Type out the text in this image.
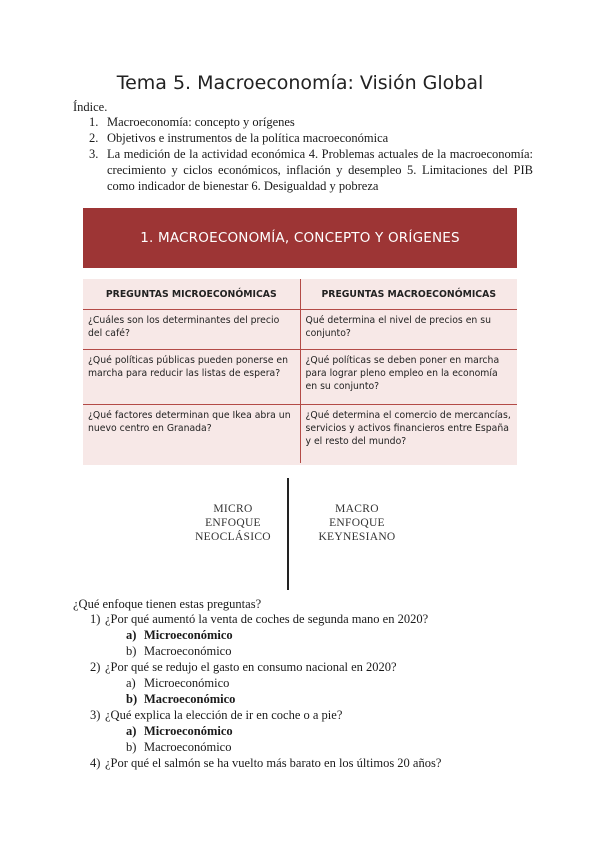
Tema 5. Macroeconomía: Visión Global
Índice.
1. Macroeconomía: concepto y orígenes
2. Objetivos e instrumentos de la política macroeconómica
3. La medición de la actividad económica 4. Problemas actuales de la macroeconomía: crecimiento y ciclos económicos, inflación y desempleo 5. Limitaciones del PIB como indicador de bienestar 6. Desigualdad y pobreza
1. MACROECONOMÍA, CONCEPTO Y ORÍGENES
PREGUNTAS MICROECONÓMICAS	PREGUNTAS MACROECONÓMICAS
¿Cuáles son los determinantes del precio del café?	Qué determina el nivel de precios en su conjunto?
¿Qué políticas públicas pueden ponerse en marcha para reducir las listas de espera?	¿Qué políticas se deben poner en marcha para lograr pleno empleo en la economía en su conjunto?
¿Qué factores determinan que Ikea abra un nuevo centro en Granada?	¿Qué determina el comercio de mercancías, servicios y activos financieros entre España y el resto del mundo?
MICRO
ENFOQUE
NEOCLÁSICO
MACRO
ENFOQUE
KEYNESIANO
¿Qué enfoque tienen estas preguntas?
1) ¿Por qué aumentó la venta de coches de segunda mano en 2020?
a) Microeconómico
b) Macroeconómico
2) ¿Por qué se redujo el gasto en consumo nacional en 2020?
a) Microeconómico
b) Macroeconómico
3) ¿Qué explica la elección de ir en coche o a pie?
a) Microeconómico
b) Macroeconómico
4) ¿Por qué el salmón se ha vuelto más barato en los últimos 20 años?
